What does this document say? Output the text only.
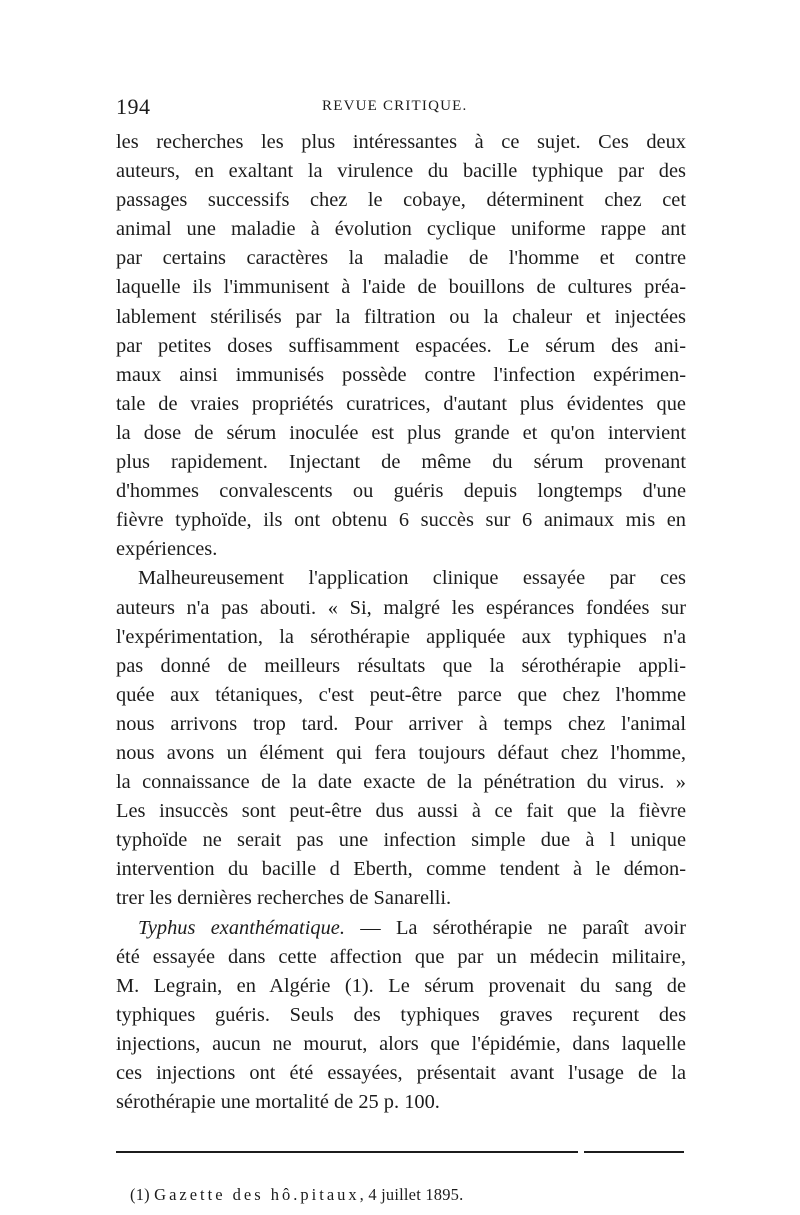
194	REVUE CRITIQUE.
les recherches les plus intéressantes à ce sujet. Ces deux
auteurs, en exaltant la virulence du bacille typhique par des
passages successifs chez le cobaye, déterminent chez cet
animal une maladie à évolution cyclique uniforme rappe ant
par certains caractères la maladie de l'homme et contre
laquelle ils l'immunisent à l'aide de bouillons de cultures préa-
lablement stérilisés par la filtration ou la chaleur et injectées
par petites doses suffisamment espacées. Le sérum des ani-
maux ainsi immunisés possède contre l'infection expérimen-
tale de vraies propriétés curatrices, d'autant plus évidentes que
la dose de sérum inoculée est plus grande et qu'on intervient
plus rapidement. Injectant de même du sérum provenant
d'hommes convalescents ou guéris depuis longtemps d'une
fièvre typhoïde, ils ont obtenu 6 succès sur 6 animaux mis en
expériences.
Malheureusement l'application clinique essayée par ces
auteurs n'a pas abouti. « Si, malgré les espérances fondées sur
l'expérimentation, la sérothérapie appliquée aux typhiques n'a
pas donné de meilleurs résultats que la sérothérapie appli-
quée aux tétaniques, c'est peut-être parce que chez l'homme
nous arrivons trop tard. Pour arriver à temps chez l'animal
nous avons un élément qui fera toujours défaut chez l'homme,
la connaissance de la date exacte de la pénétration du virus. »
Les insuccès sont peut-être dus aussi à ce fait que la fièvre
typhoïde ne serait pas une infection simple due à l unique
intervention du bacille d Eberth, comme tendent à le démon-
trer les dernières recherches de Sanarelli.
Typhus exanthématique. — La sérothérapie ne paraît avoir
été essayée dans cette affection que par un médecin militaire,
M. Legrain, en Algérie (1). Le sérum provenait du sang de
typhiques guéris. Seuls des typhiques graves reçurent des
injections, aucun ne mourut, alors que l'épidémie, dans laquelle
ces injections ont été essayées, présentait avant l'usage de la
sérothérapie une mortalité de 25 p. 100.
(1) Gazette des hô.pitaux, 4 juillet 1895.
